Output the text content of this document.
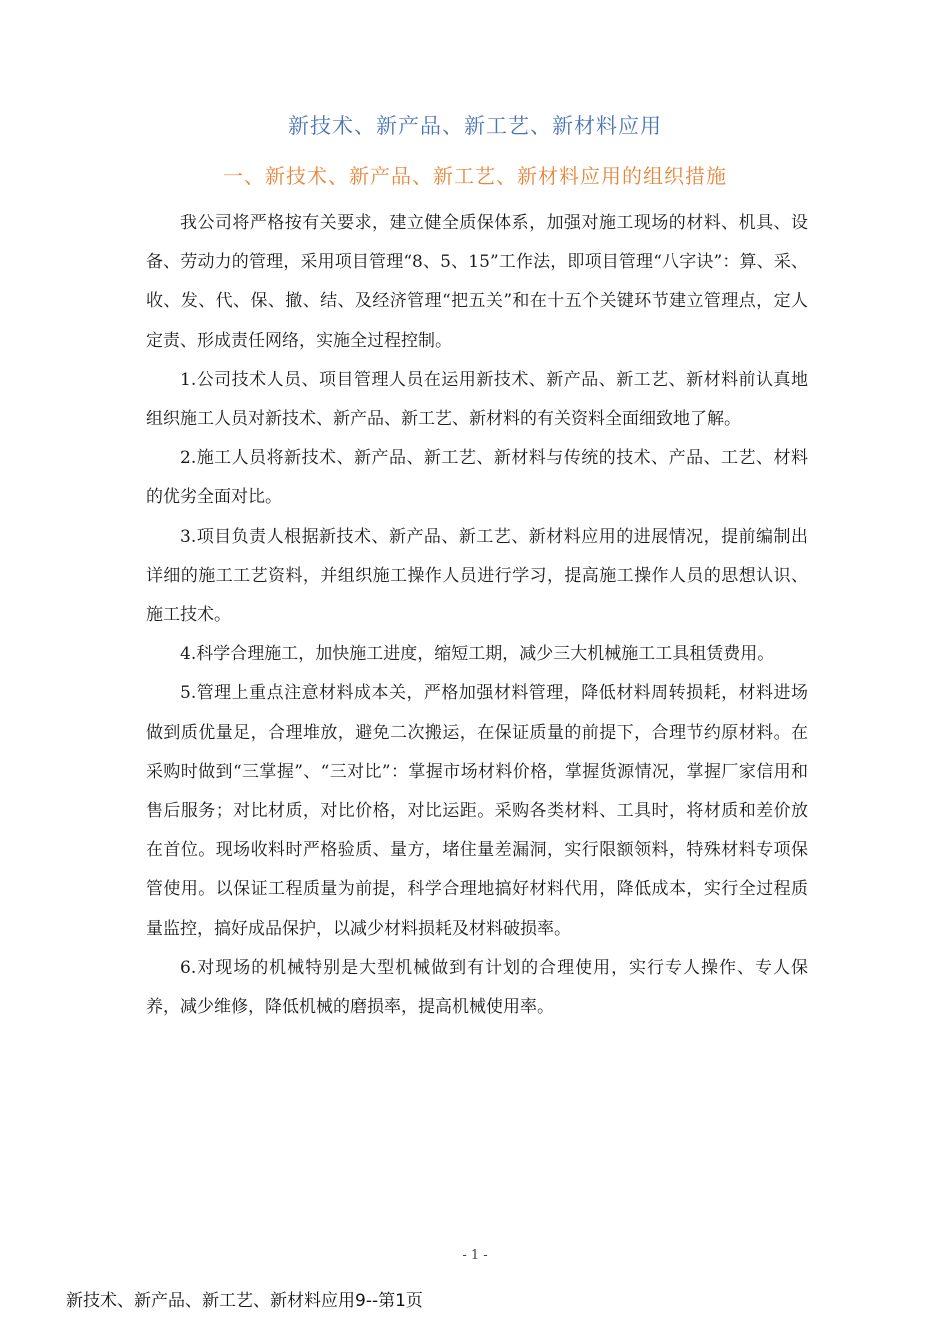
新技术、新产品、新工艺、新材料应用
一、新技术、新产品、新工艺、新材料应用的组织措施

我公司将严格按有关要求，建立健全质保体系，加强对施工现场的材料、机具、设备、劳动力的管理，采用项目管理“8、5、15”工作法，即项目管理“八字诀”：算、采、收、发、代、保、撤、结、及经济管理“把五关”和在十五个关键环节建立管理点，定人定责、形成责任网络，实施全过程控制。

1.公司技术人员、项目管理人员在运用新技术、新产品、新工艺、新材料前认真地组织施工人员对新技术、新产品、新工艺、新材料的有关资料全面细致地了解。

2.施工人员将新技术、新产品、新工艺、新材料与传统的技术、产品、工艺、材料的优劣全面对比。

3.项目负责人根据新技术、新产品、新工艺、新材料应用的进展情况，提前编制出详细的施工工艺资料，并组织施工操作人员进行学习，提高施工操作人员的思想认识、施工技术。

4.科学合理施工，加快施工进度，缩短工期，减少三大机械施工工具租赁费用。

5.管理上重点注意材料成本关，严格加强材料管理，降低材料周转损耗，材料进场做到质优量足，合理堆放，避免二次搬运，在保证质量的前提下，合理节约原材料。在采购时做到“三掌握”、“三对比”：掌握市场材料价格，掌握货源情况，掌握厂家信用和售后服务；对比材质，对比价格，对比运距。采购各类材料、工具时，将材质和差价放在首位。现场收料时严格验质、量方，堵住量差漏洞，实行限额领料，特殊材料专项保管使用。以保证工程质量为前提，科学合理地搞好材料代用，降低成本，实行全过程质量监控，搞好成品保护，以减少材料损耗及材料破损率。

6.对现场的机械特别是大型机械做到有计划的合理使用，实行专人操作、专人保养，减少维修，降低机械的磨损率，提高机械使用率。

- 1 -
新技术、新产品、新工艺、新材料应用9--第1页
